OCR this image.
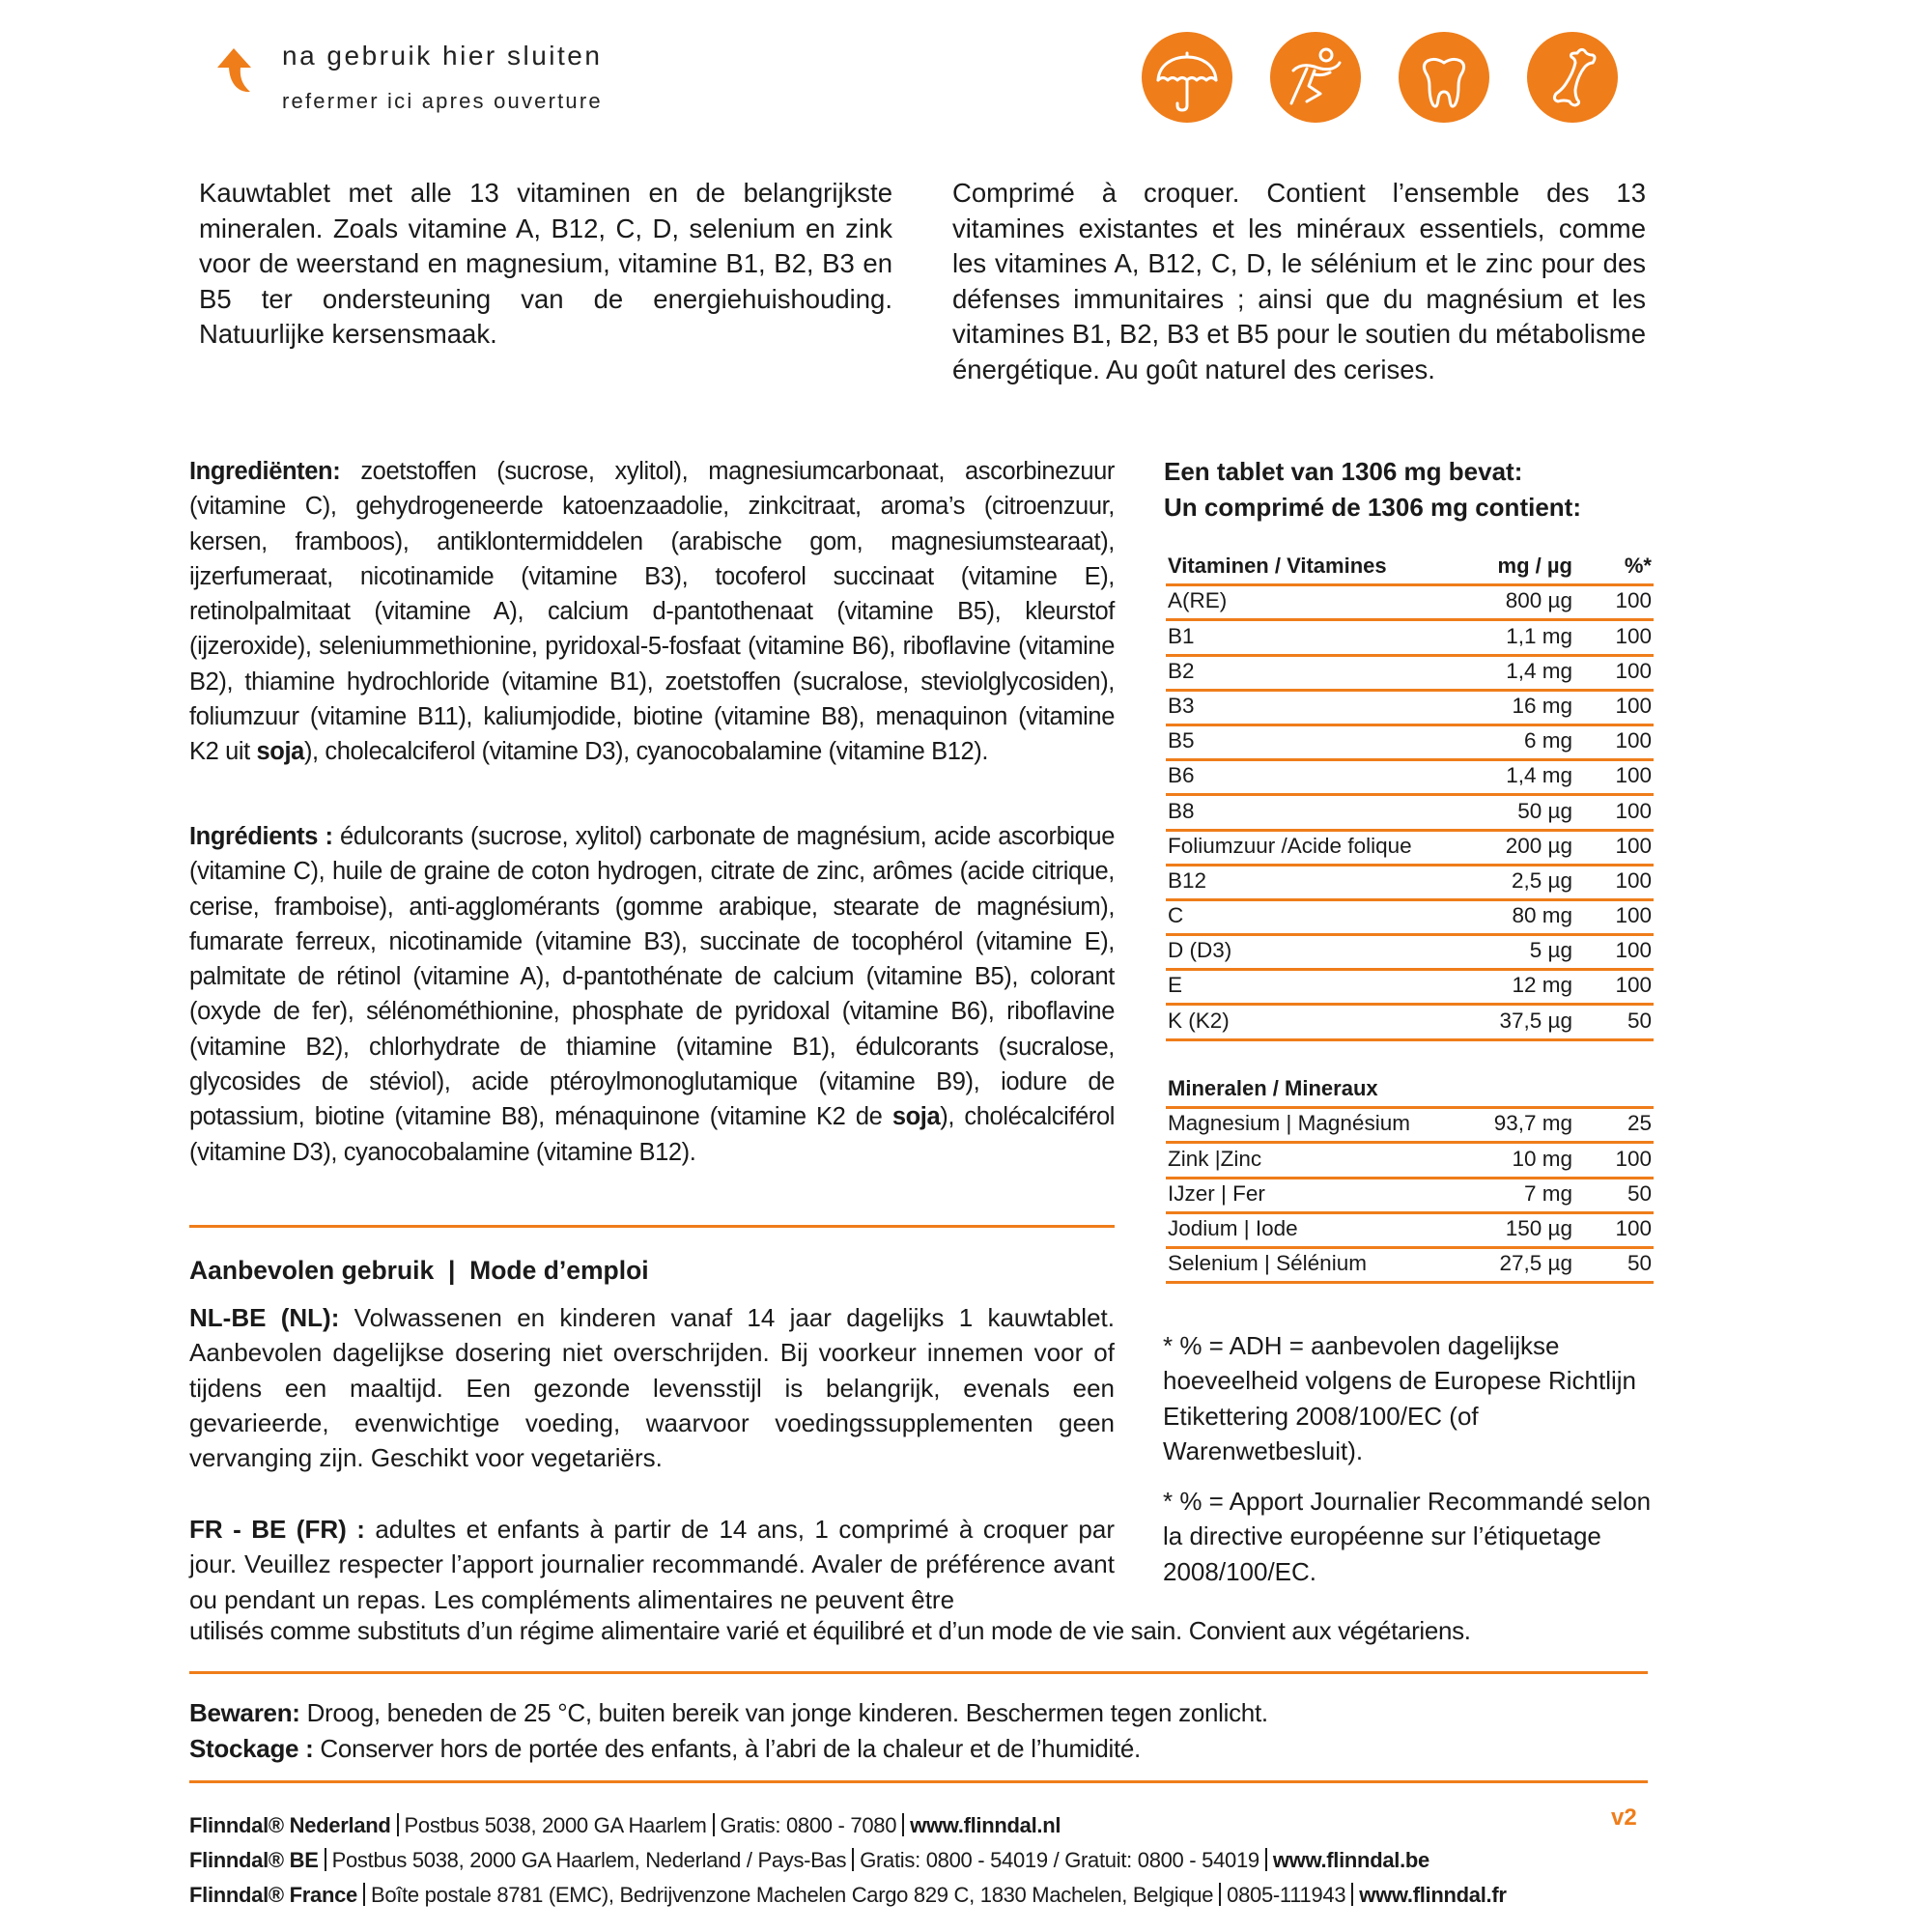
na gebruik hier sluiten
refermer ici apres ouverture
Kauwtablet met alle 13 vitaminen en de belangrijkste mineralen. Zoals vitamine A, B12, C, D, selenium en zink voor de weerstand en magnesium, vitamine B1, B2, B3 en B5 ter ondersteuning van de energiehuishouding. Natuurlijke kersensmaak.
Comprimé à croquer. Contient l’ensemble des 13 vitamines existantes et les minéraux essentiels, comme les vitamines A, B12, C, D, le sélénium et le zinc pour des défenses immunitaires ; ainsi que du magnésium et les vitamines B1, B2, B3 et B5 pour le soutien du métabolisme énergétique. Au goût naturel des cerises.
Ingrediënten: zoetstoffen (sucrose, xylitol), magnesiumcarbonaat, ascorbinezuur (vitamine C), gehydrogeneerde katoenzaadolie, zinkcitraat, aroma’s (citroenzuur, kersen, framboos), antiklontermiddelen (arabische gom, magnesiumstearaat), ijzerfumeraat, nicotinamide (vitamine B3), tocoferol succinaat (vitamine E), retinolpalmitaat (vitamine A), calcium d-pantothenaat (vitamine B5), kleurstof (ijzeroxide), seleniummethionine, pyridoxal-5-fosfaat (vitamine B6), riboflavine (vitamine B2), thiamine hydrochloride (vitamine B1), zoetstoffen (sucralose, steviolglycosiden), foliumzuur (vitamine B11), kaliumjodide, biotine (vitamine B8), menaquinon (vitamine K2 uit soja), cholecalciferol (vitamine D3), cyanocobalamine (vitamine B12).
Ingrédients : édulcorants (sucrose, xylitol) carbonate de magnésium, acide ascorbique (vitamine C), huile de graine de coton hydrogen, citrate de zinc, arômes (acide citrique, cerise, framboise), anti-agglomérants (gomme arabique, stearate de magnésium), fumarate ferreux, nicotinamide (vitamine B3), succinate de tocophérol (vitamine E), palmitate de rétinol (vitamine A), d-pantothénate de calcium (vitamine B5), colorant (oxyde de fer), sélénométhionine, phosphate de pyridoxal (vitamine B6), riboflavine (vitamine B2), chlorhydrate de thiamine (vitamine B1), édulcorants (sucralose, glycosides de stéviol), acide ptéroylmonoglutamique (vitamine B9), iodure de potassium, biotine (vitamine B8), ménaquinone (vitamine K2 de soja), cholécalciférol (vitamine D3), cyanocobalamine (vitamine B12).
Een tablet van 1306 mg bevat:
Un comprimé de 1306 mg contient:
Vitaminen / Vitamines	mg / µg %*
A(RE)	800 µg 100
B1	1,1 mg 100
B2	1,4 mg 100
B3	16 mg 100
B5	6 mg 100
B6	1,4 mg 100
B8	50 µg 100
Foliumzuur /Acide folique	200 µg 100
B12	2,5 µg 100
C	80 mg 100
D (D3)	5 µg 100
E	12 mg 100
K (K2)	37,5 µg	50
Mineralen / Mineraux
Magnesium | Magnésium	93,7 mg	25
Zink |Zinc	10 mg 100
IJzer | Fer	7 mg	50
Jodium | Iode	150 µg 100
Selenium | Sélénium	27,5 µg	50
* % = ADH = aanbevolen dagelijkse hoeveelheid volgens de Europese Richtlijn Etikettering 2008/100/EC (of Warenwetbesluit).
* % = Apport Journalier Recommandé selon la directive européenne sur l’étiquetage 2008/100/EC.
Aanbevolen gebruik  |  Mode d’emploi
NL-BE (NL): Volwassenen en kinderen vanaf 14 jaar dagelijks 1 kauwtablet. Aanbevolen dagelijkse dosering niet overschrijden. Bij voorkeur innemen voor of tijdens een maaltijd. Een gezonde levensstijl is belangrijk, evenals een gevarieerde, evenwichtige voeding, waarvoor voedingssupplementen geen vervanging zijn. Geschikt voor vegetariërs.
FR - BE (FR) : adultes et enfants à partir de 14 ans, 1 comprimé à croquer par jour. Veuillez respecter l’apport journalier recommandé. Avaler de préférence avant ou pendant un repas. Les compléments alimentaires ne peuvent être
utilisés comme substituts d’un régime alimentaire varié et équilibré et d’un mode de vie sain. Convient aux végétariens.
Bewaren: Droog, beneden de 25 °C, buiten bereik van jonge kinderen. Beschermen tegen zonlicht.
Stockage : Conserver hors de portée des enfants, à l’abri de la chaleur et de l’humidité.
v2
Flinndal® Nederland Postbus 5038, 2000 GA Haarlem Gratis: 0800 - 7080 www.flinndal.nl
Flinndal® BE Postbus 5038, 2000 GA Haarlem, Nederland / Pays-Bas Gratis: 0800 - 54019 / Gratuit: 0800 - 54019 www.flinndal.be
Flinndal® France Boîte postale 8781 (EMC), Bedrijvenzone Machelen Cargo 829 C, 1830 Machelen, Belgique 0805-111943 www.flinndal.fr
